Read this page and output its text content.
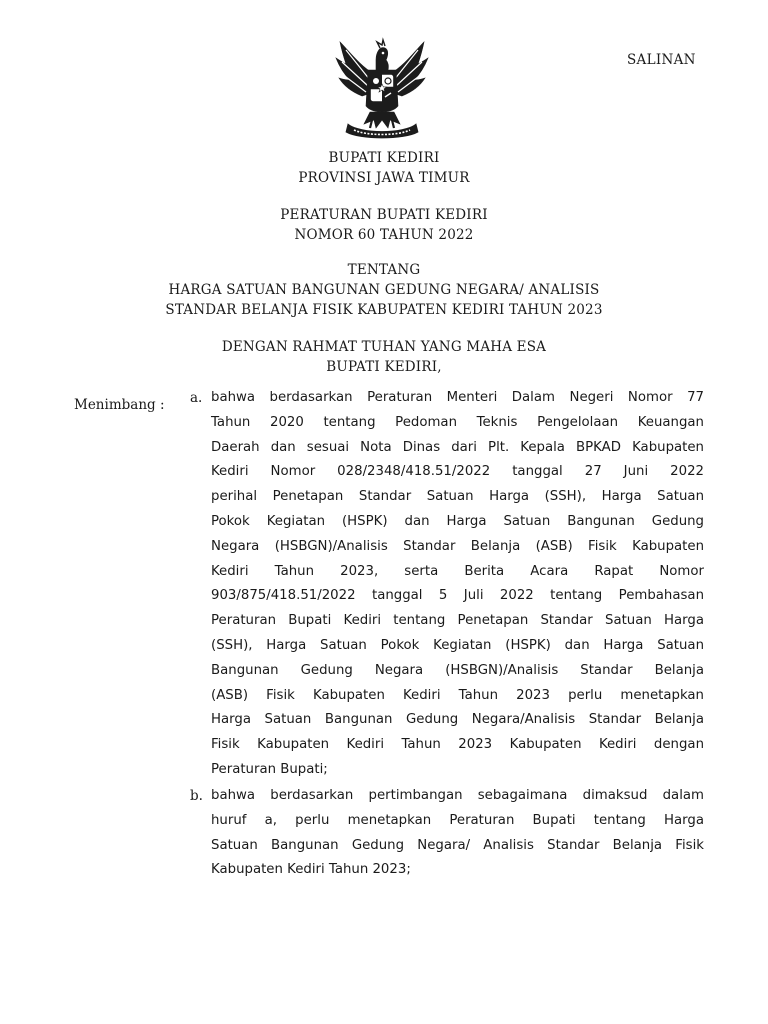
SALINAN
BUPATI KEDIRI
PROVINSI JAWA TIMUR
PERATURAN BUPATI KEDIRI
NOMOR 60 TAHUN 2022
TENTANG
HARGA SATUAN BANGUNAN GEDUNG NEGARA/ ANALISIS
STANDAR BELANJA FISIK KABUPATEN KEDIRI TAHUN 2023
DENGAN RAHMAT TUHAN YANG MAHA ESA
BUPATI KEDIRI,
Menimbang : a. bahwa berdasarkan Peraturan Menteri Dalam Negeri Nomor 77
Tahun 2020 tentang Pedoman Teknis Pengelolaan Keuangan
Daerah dan sesuai Nota Dinas dari Plt. Kepala BPKAD Kabupaten
Kediri Nomor 028/2348/418.51/2022 tanggal 27 Juni 2022
perihal Penetapan Standar Satuan Harga (SSH), Harga Satuan
Pokok Kegiatan (HSPK) dan Harga Satuan Bangunan Gedung
Negara (HSBGN)/Analisis Standar Belanja (ASB) Fisik Kabupaten
Kediri Tahun 2023, serta Berita Acara Rapat Nomor
903/875/418.51/2022 tanggal 5 Juli 2022 tentang Pembahasan
Peraturan Bupati Kediri tentang Penetapan Standar Satuan Harga
(SSH), Harga Satuan Pokok Kegiatan (HSPK) dan Harga Satuan
Bangunan Gedung Negara (HSBGN)/Analisis Standar Belanja
(ASB) Fisik Kabupaten Kediri Tahun 2023 perlu menetapkan
Harga Satuan Bangunan Gedung Negara/Analisis Standar Belanja
Fisik Kabupaten Kediri Tahun 2023 Kabupaten Kediri dengan
Peraturan Bupati;
b. bahwa berdasarkan pertimbangan sebagaimana dimaksud dalam
huruf a, perlu menetapkan Peraturan Bupati tentang Harga
Satuan Bangunan Gedung Negara/ Analisis Standar Belanja Fisik
Kabupaten Kediri Tahun 2023;
